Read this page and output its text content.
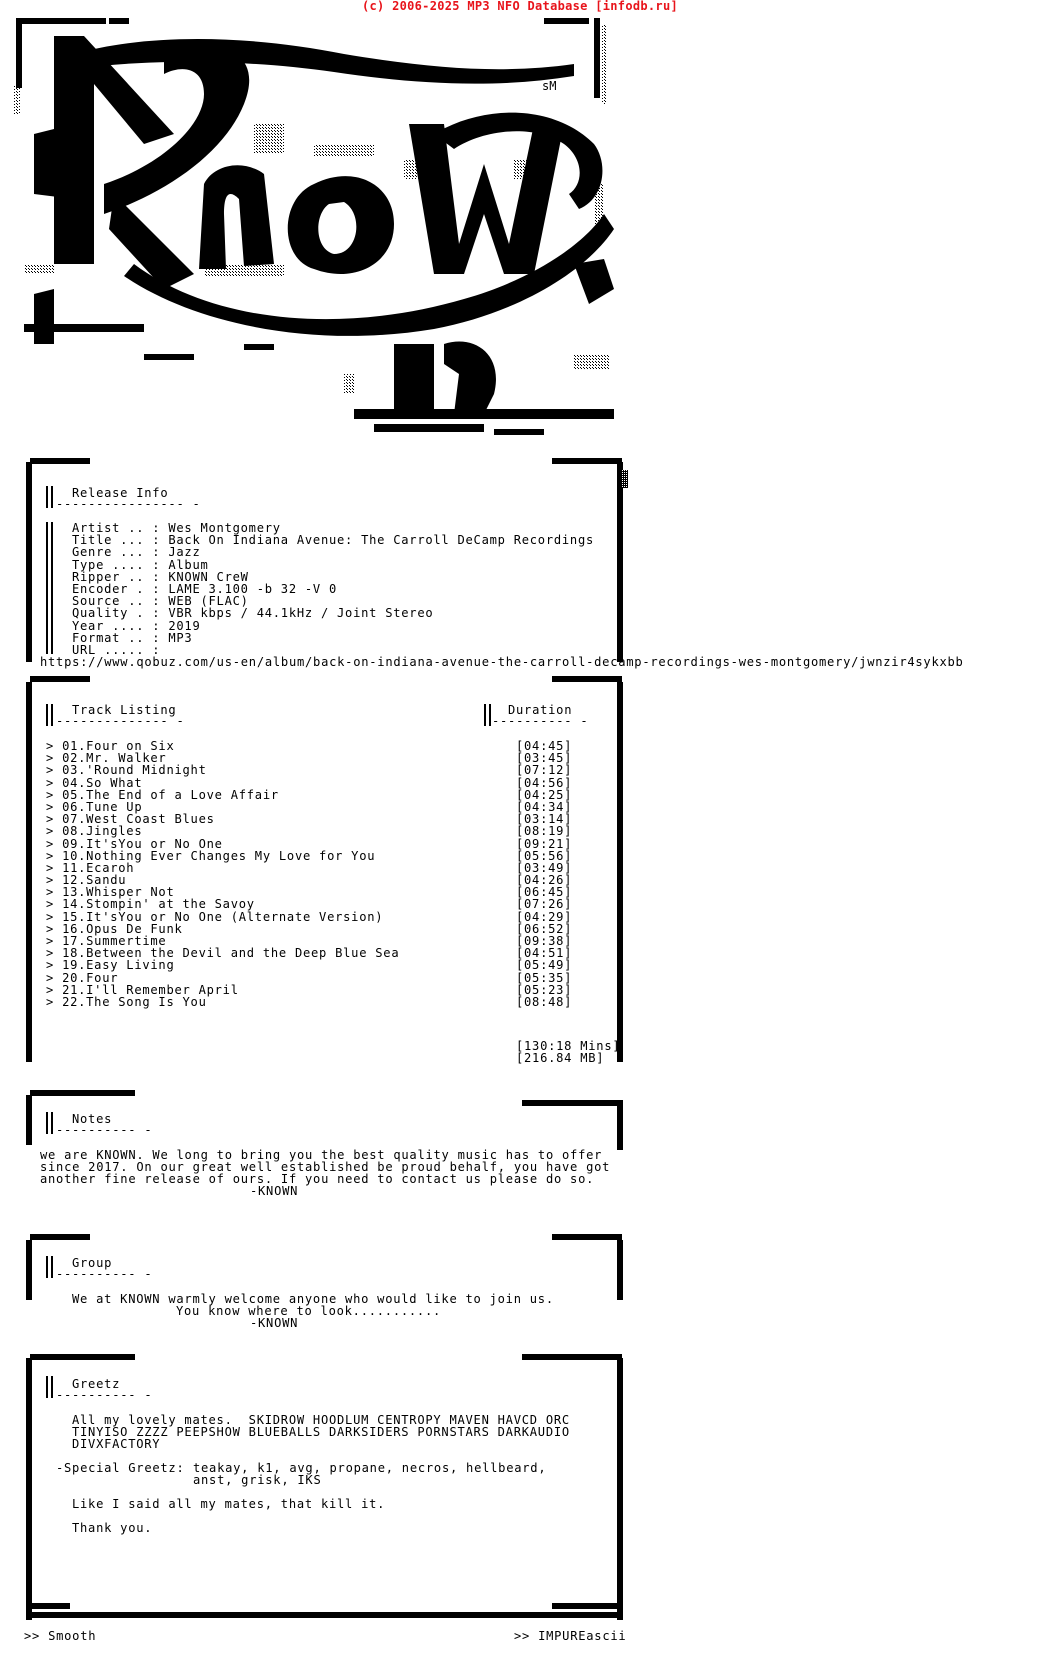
(c) 2006-2025 MP3 NFO Database [infodb.ru]
sM
Release Info
---------------- -
Artist .. : Wes Montgomery
Title ... : Back On Indiana Avenue: The Carroll DeCamp Recordings
Genre ... : Jazz
Type .... : Album
Ripper .. : KNOWN CreW
Encoder . : LAME 3.100 -b 32 -V 0
Source .. : WEB (FLAC)
Quality . : VBR kbps / 44.1kHz / Joint Stereo
Year .... : 2019
Format .. : MP3
URL ..... :
https://www.qobuz.com/us-en/album/back-on-indiana-avenue-the-carroll-decamp-recordings-wes-montgomery/jwnzir4sykxbb
Track Listing
-------------- -
Duration
---------- -
> 01.Four on Six	[04:45]
> 02.Mr. Walker	[03:45]
> 03.'Round Midnight	[07:12]
> 04.So What	[04:56]
> 05.The End of a Love Affair	[04:25]
> 06.Tune Up	[04:34]
> 07.West Coast Blues	[03:14]
> 08.Jingles	[08:19]
> 09.It'sYou or No One	[09:21]
> 10.Nothing Ever Changes My Love for You	[05:56]
> 11.Ecaroh	[03:49]
> 12.Sandu	[04:26]
> 13.Whisper Not	[06:45]
> 14.Stompin' at the Savoy	[07:26]
> 15.It'sYou or No One (Alternate Version)	[04:29]
> 16.Opus De Funk	[06:52]
> 17.Summertime	[09:38]
> 18.Between the Devil and the Deep Blue Sea	[04:51]
> 19.Easy Living	[05:49]
> 20.Four	[05:35]
> 21.I'll Remember April	[05:23]
> 22.The Song Is You	[08:48]
[130:18 Mins]
[216.84 MB]
Notes
---------- -
we are KNOWN. We long to bring you the best quality music has to offer
since 2017. On our great well established be proud behalf, you have got
another fine release of ours. If you need to contact us please do so.
-KNOWN
Group
---------- -
We at KNOWN warmly welcome anyone who would like to join us.
You know where to look...........
-KNOWN
Greetz
---------- -
All my lovely mates.  SKIDROW HOODLUM CENTROPY MAVEN HAVCD ORC
TINYISO ZZZZ PEEPSHOW BLUEBALLS DARKSIDERS PORNSTARS DARKAUDIO
DIVXFACTORY
-Special Greetz: teakay, k1, avg, propane, necros, hellbeard,
anst, grisk, IKS
Like I said all my mates, that kill it.
Thank you.
>> Smooth	>> IMPUREascii
